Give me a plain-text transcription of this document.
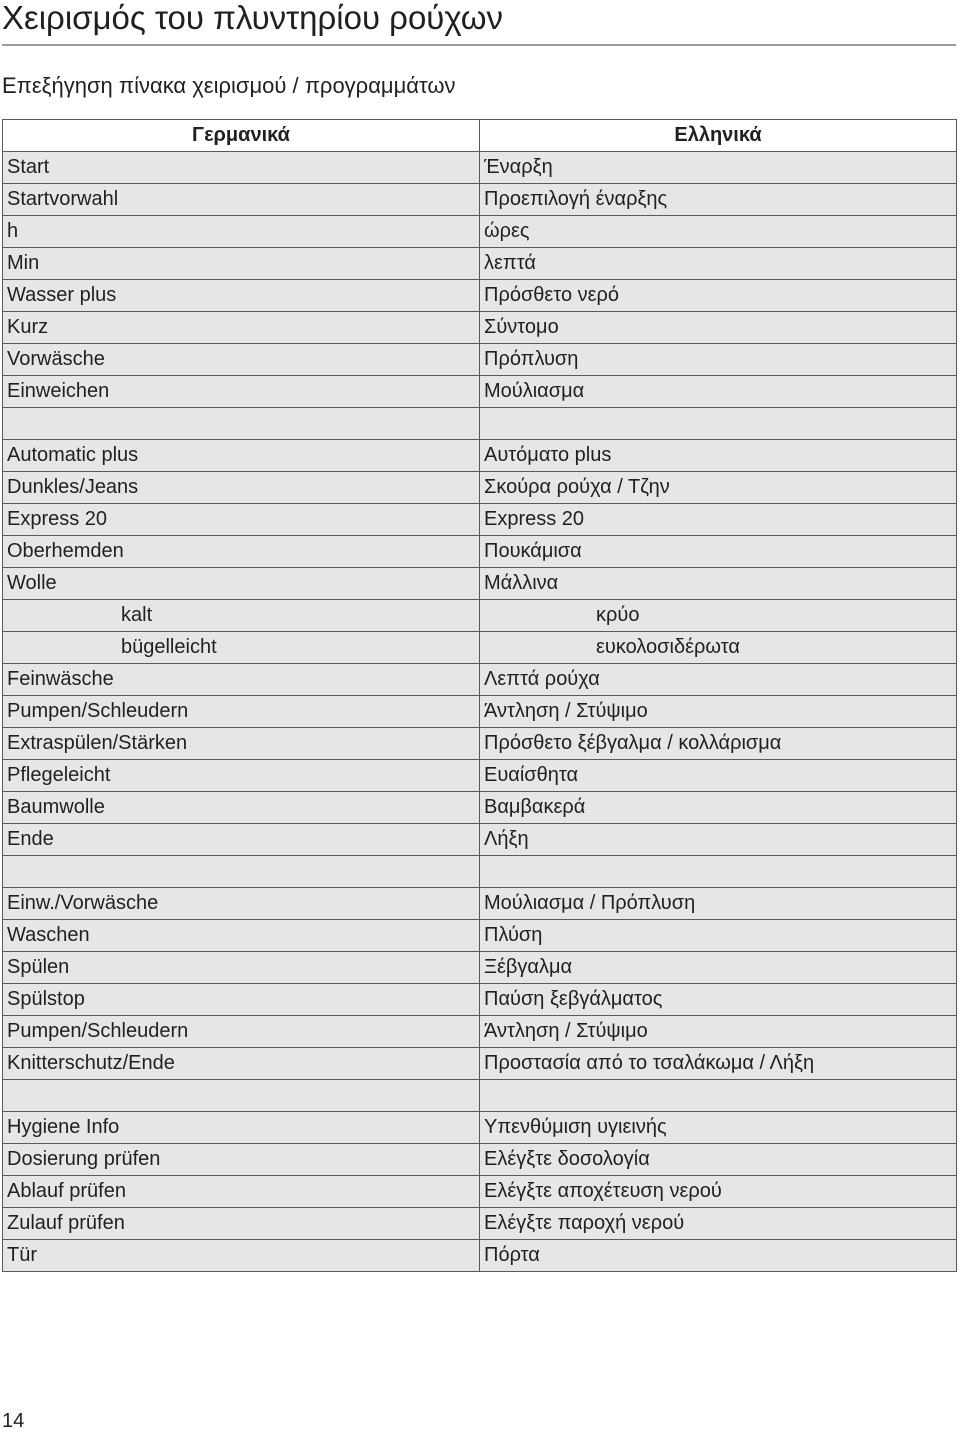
Χειρισμός του πλυντηρίου ρούχων
Επεξήγηση πίνακα χειρισμού / προγραμμάτων
Γερμανικά	Ελληνικά
Start	Έναρξη
Startvorwahl	Προεπιλογή έναρξης
h	ώρες
Min	λεπτά
Wasser plus	Πρόσθετο νερό
Kurz	Σύντομο
Vorwäsche	Πρόπλυση
Einweichen	Μούλιασμα

Automatic plus	Αυτόματο plus
Dunkles/Jeans	Σκούρα ρούχα / Τζην
Express 20	Express 20
Oberhemden	Πουκάμισα
Wolle	Μάλλινα
kalt	κρύο
bügelleicht	ευκολοσιδέρωτα
Feinwäsche	Λεπτά ρούχα
Pumpen/Schleudern	Άντληση / Στύψιμο
Extraspülen/Stärken	Πρόσθετο ξέβγαλμα / κολλάρισμα
Pflegeleicht	Ευαίσθητα
Baumwolle	Βαμβακερά
Ende	Λήξη

Einw./Vorwäsche	Μούλιασμα / Πρόπλυση
Waschen	Πλύση
Spülen	Ξέβγαλμα
Spülstop	Παύση ξεβγάλματος
Pumpen/Schleudern	Άντληση / Στύψιμο
Knitterschutz/Ende	Προστασία από το τσαλάκωμα / Λήξη

Hygiene Info	Υπενθύμιση υγιεινής
Dosierung prüfen	Ελέγξτε δοσολογία
Ablauf prüfen	Ελέγξτε αποχέτευση νερού
Zulauf prüfen	Ελέγξτε παροχή νερού
Tür	Πόρτα
14
